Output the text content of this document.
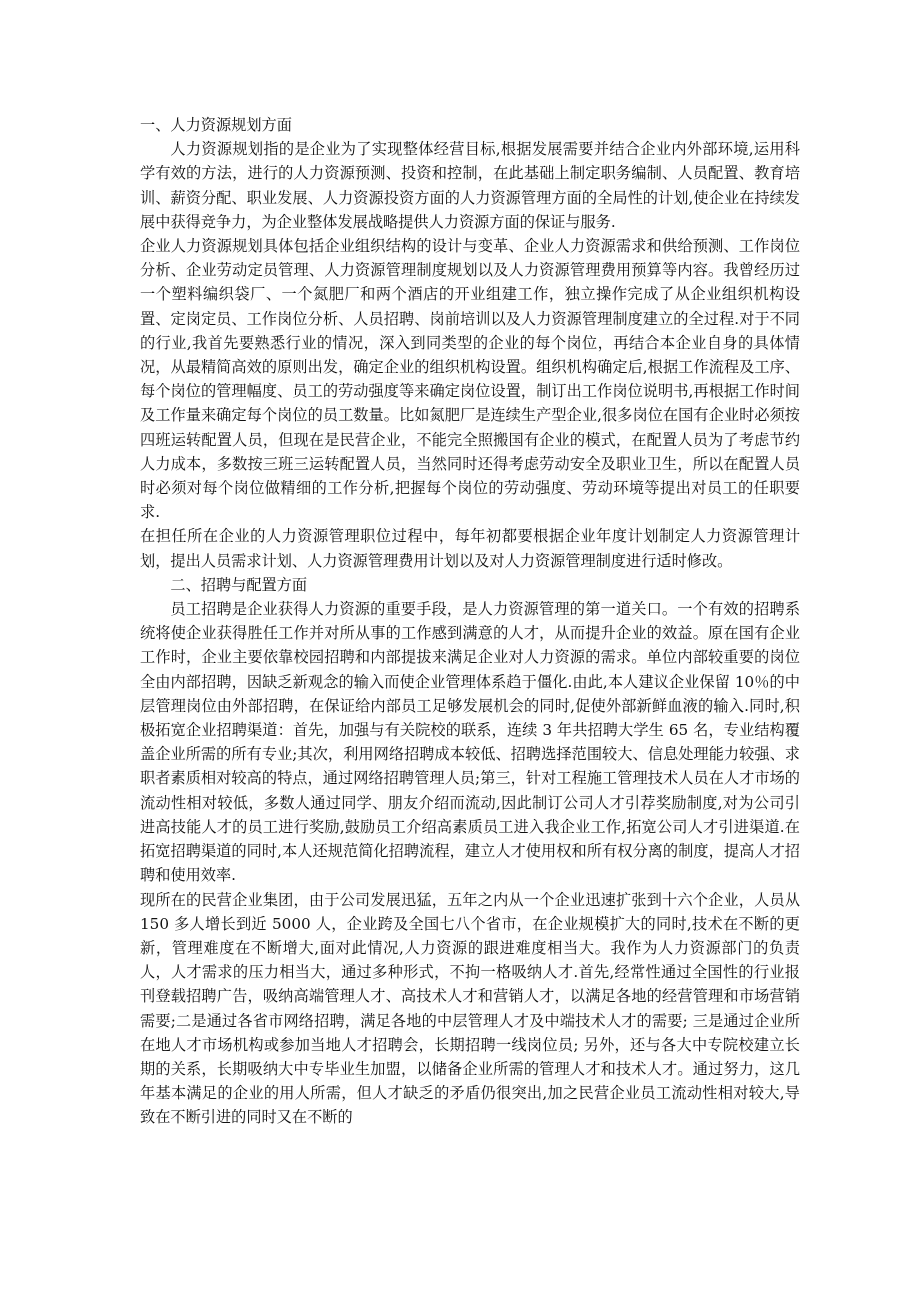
一、人力资源规划方面

人力资源规划指的是企业为了实现整体经营目标,根据发展需要并结合企业内外部环境,运用科学有效的方法，进行的人力资源预测、投资和控制，在此基础上制定职务编制、人员配置、教育培训、薪资分配、职业发展、人力资源投资方面的人力资源管理方面的全局性的计划,使企业在持续发展中获得竞争力，为企业整体发展战略提供人力资源方面的保证与服务.

企业人力资源规划具体包括企业组织结构的设计与变革、企业人力资源需求和供给预测、工作岗位分析、企业劳动定员管理、人力资源管理制度规划以及人力资源管理费用预算等内容。我曾经历过一个塑料编织袋厂、一个氮肥厂和两个酒店的开业组建工作，独立操作完成了从企业组织机构设置、定岗定员、工作岗位分析、人员招聘、岗前培训以及人力资源管理制度建立的全过程.对于不同的行业,我首先要熟悉行业的情况，深入到同类型的企业的每个岗位，再结合本企业自身的具体情况，从最精简高效的原则出发，确定企业的组织机构设置。组织机构确定后,根据工作流程及工序、每个岗位的管理幅度、员工的劳动强度等来确定岗位设置，制订出工作岗位说明书,再根据工作时间及工作量来确定每个岗位的员工数量。比如氮肥厂是连续生产型企业,很多岗位在国有企业时必须按四班运转配置人员，但现在是民营企业，不能完全照搬国有企业的模式，在配置人员为了考虑节约人力成本，多数按三班三运转配置人员，当然同时还得考虑劳动安全及职业卫生，所以在配置人员时必须对每个岗位做精细的工作分析,把握每个岗位的劳动强度、劳动环境等提出对员工的任职要求.

在担任所在企业的人力资源管理职位过程中，每年初都要根据企业年度计划制定人力资源管理计划，提出人员需求计划、人力资源管理费用计划以及对人力资源管理制度进行适时修改。

二、招聘与配置方面

员工招聘是企业获得人力资源的重要手段，是人力资源管理的第一道关口。一个有效的招聘系统将使企业获得胜任工作并对所从事的工作感到满意的人才，从而提升企业的效益。原在国有企业工作时，企业主要依靠校园招聘和内部提拔来满足企业对人力资源的需求。单位内部较重要的岗位全由内部招聘，因缺乏新观念的输入而使企业管理体系趋于僵化.由此,本人建议企业保留 10％的中层管理岗位由外部招聘，在保证给内部员工足够发展机会的同时,促使外部新鲜血液的输入.同时,积极拓宽企业招聘渠道：首先，加强与有关院校的联系，连续 3 年共招聘大学生 65 名，专业结构覆盖企业所需的所有专业;其次，利用网络招聘成本较低、招聘选择范围较大、信息处理能力较强、求职者素质相对较高的特点，通过网络招聘管理人员;第三，针对工程施工管理技术人员在人才市场的流动性相对较低，多数人通过同学、朋友介绍而流动,因此制订公司人才引荐奖励制度,对为公司引进高技能人才的员工进行奖励,鼓励员工介绍高素质员工进入我企业工作,拓宽公司人才引进渠道.在拓宽招聘渠道的同时,本人还规范简化招聘流程，建立人才使用权和所有权分离的制度，提高人才招聘和使用效率.

现所在的民营企业集团，由于公司发展迅猛，五年之内从一个企业迅速扩张到十六个企业，人员从 150 多人增长到近 5000 人，企业跨及全国七八个省市，在企业规模扩大的同时,技术在不断的更新，管理难度在不断增大,面对此情况,人力资源的跟进难度相当大。我作为人力资源部门的负责人，人才需求的压力相当大，通过多种形式，不拘一格吸纳人才.首先,经常性通过全国性的行业报刊登载招聘广告，吸纳高端管理人才、高技术人才和营销人才，以满足各地的经营管理和市场营销需要;二是通过各省市网络招聘，满足各地的中层管理人才及中端技术人才的需要; 三是通过企业所在地人才市场机构或参加当地人才招聘会，长期招聘一线岗位员; 另外，还与各大中专院校建立长期的关系，长期吸纳大中专毕业生加盟，以储备企业所需的管理人才和技术人才。通过努力，这几年基本满足的企业的用人所需，但人才缺乏的矛盾仍很突出,加之民营企业员工流动性相对较大,导致在不断引进的同时又在不断的
